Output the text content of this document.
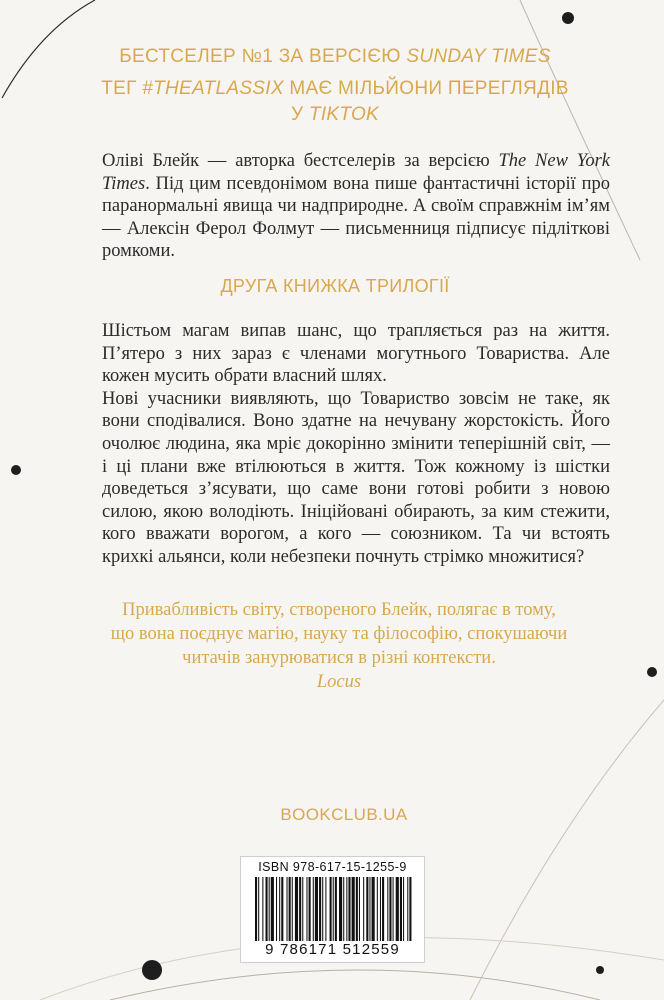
БЕСТСЕЛЕР №1 ЗА ВЕРСІЄЮ SUNDAY TIMES
ТЕГ #THEATLASSIX МАЄ МІЛЬЙОНИ ПЕРЕГЛЯДІВ
У TIKTOK

Оліві Блейк — авторка бестселерів за версією The New York Times. Під цим псевдонімом вона пише фантастичні історії про паранормальні явища чи надприродне. А своїм справжнім ім’ям — Алексін Ферол Фолмут — письменниця підписує підліткові ромкоми.

ДРУГА КНИЖКА ТРИЛОГІЇ

Шістьом магам випав шанс, що трапляється раз на життя. П’ятеро з них зараз є членами могутнього Товариства. Але кожен мусить обрати власний шлях.

Нові учасники виявляють, що Товариство зовсім не таке, як вони сподівалися. Воно здатне на нечувану жорстокість. Його очолює людина, яка мріє докорінно змінити теперішній світ, — і ці плани вже втілюються в життя. Тож кожному із шістки доведеться з’ясувати, що саме вони готові робити з новою силою, якою володіють. Ініційовані обирають, за ким стежити, кого вважати ворогом, а кого — союзником. Та чи встоять крихкі альянси, коли небезпеки почнуть стрімко множитися?

Привабливість світу, створеного Блейк, полягає в тому,
що вона поєднує магію, науку та філософію, спокушаючи
читачів занурюватися в різні контексти.
Locus
BOOKCLUB.UA
ISBN 978-617-15-1255-9
9 786171 512559
